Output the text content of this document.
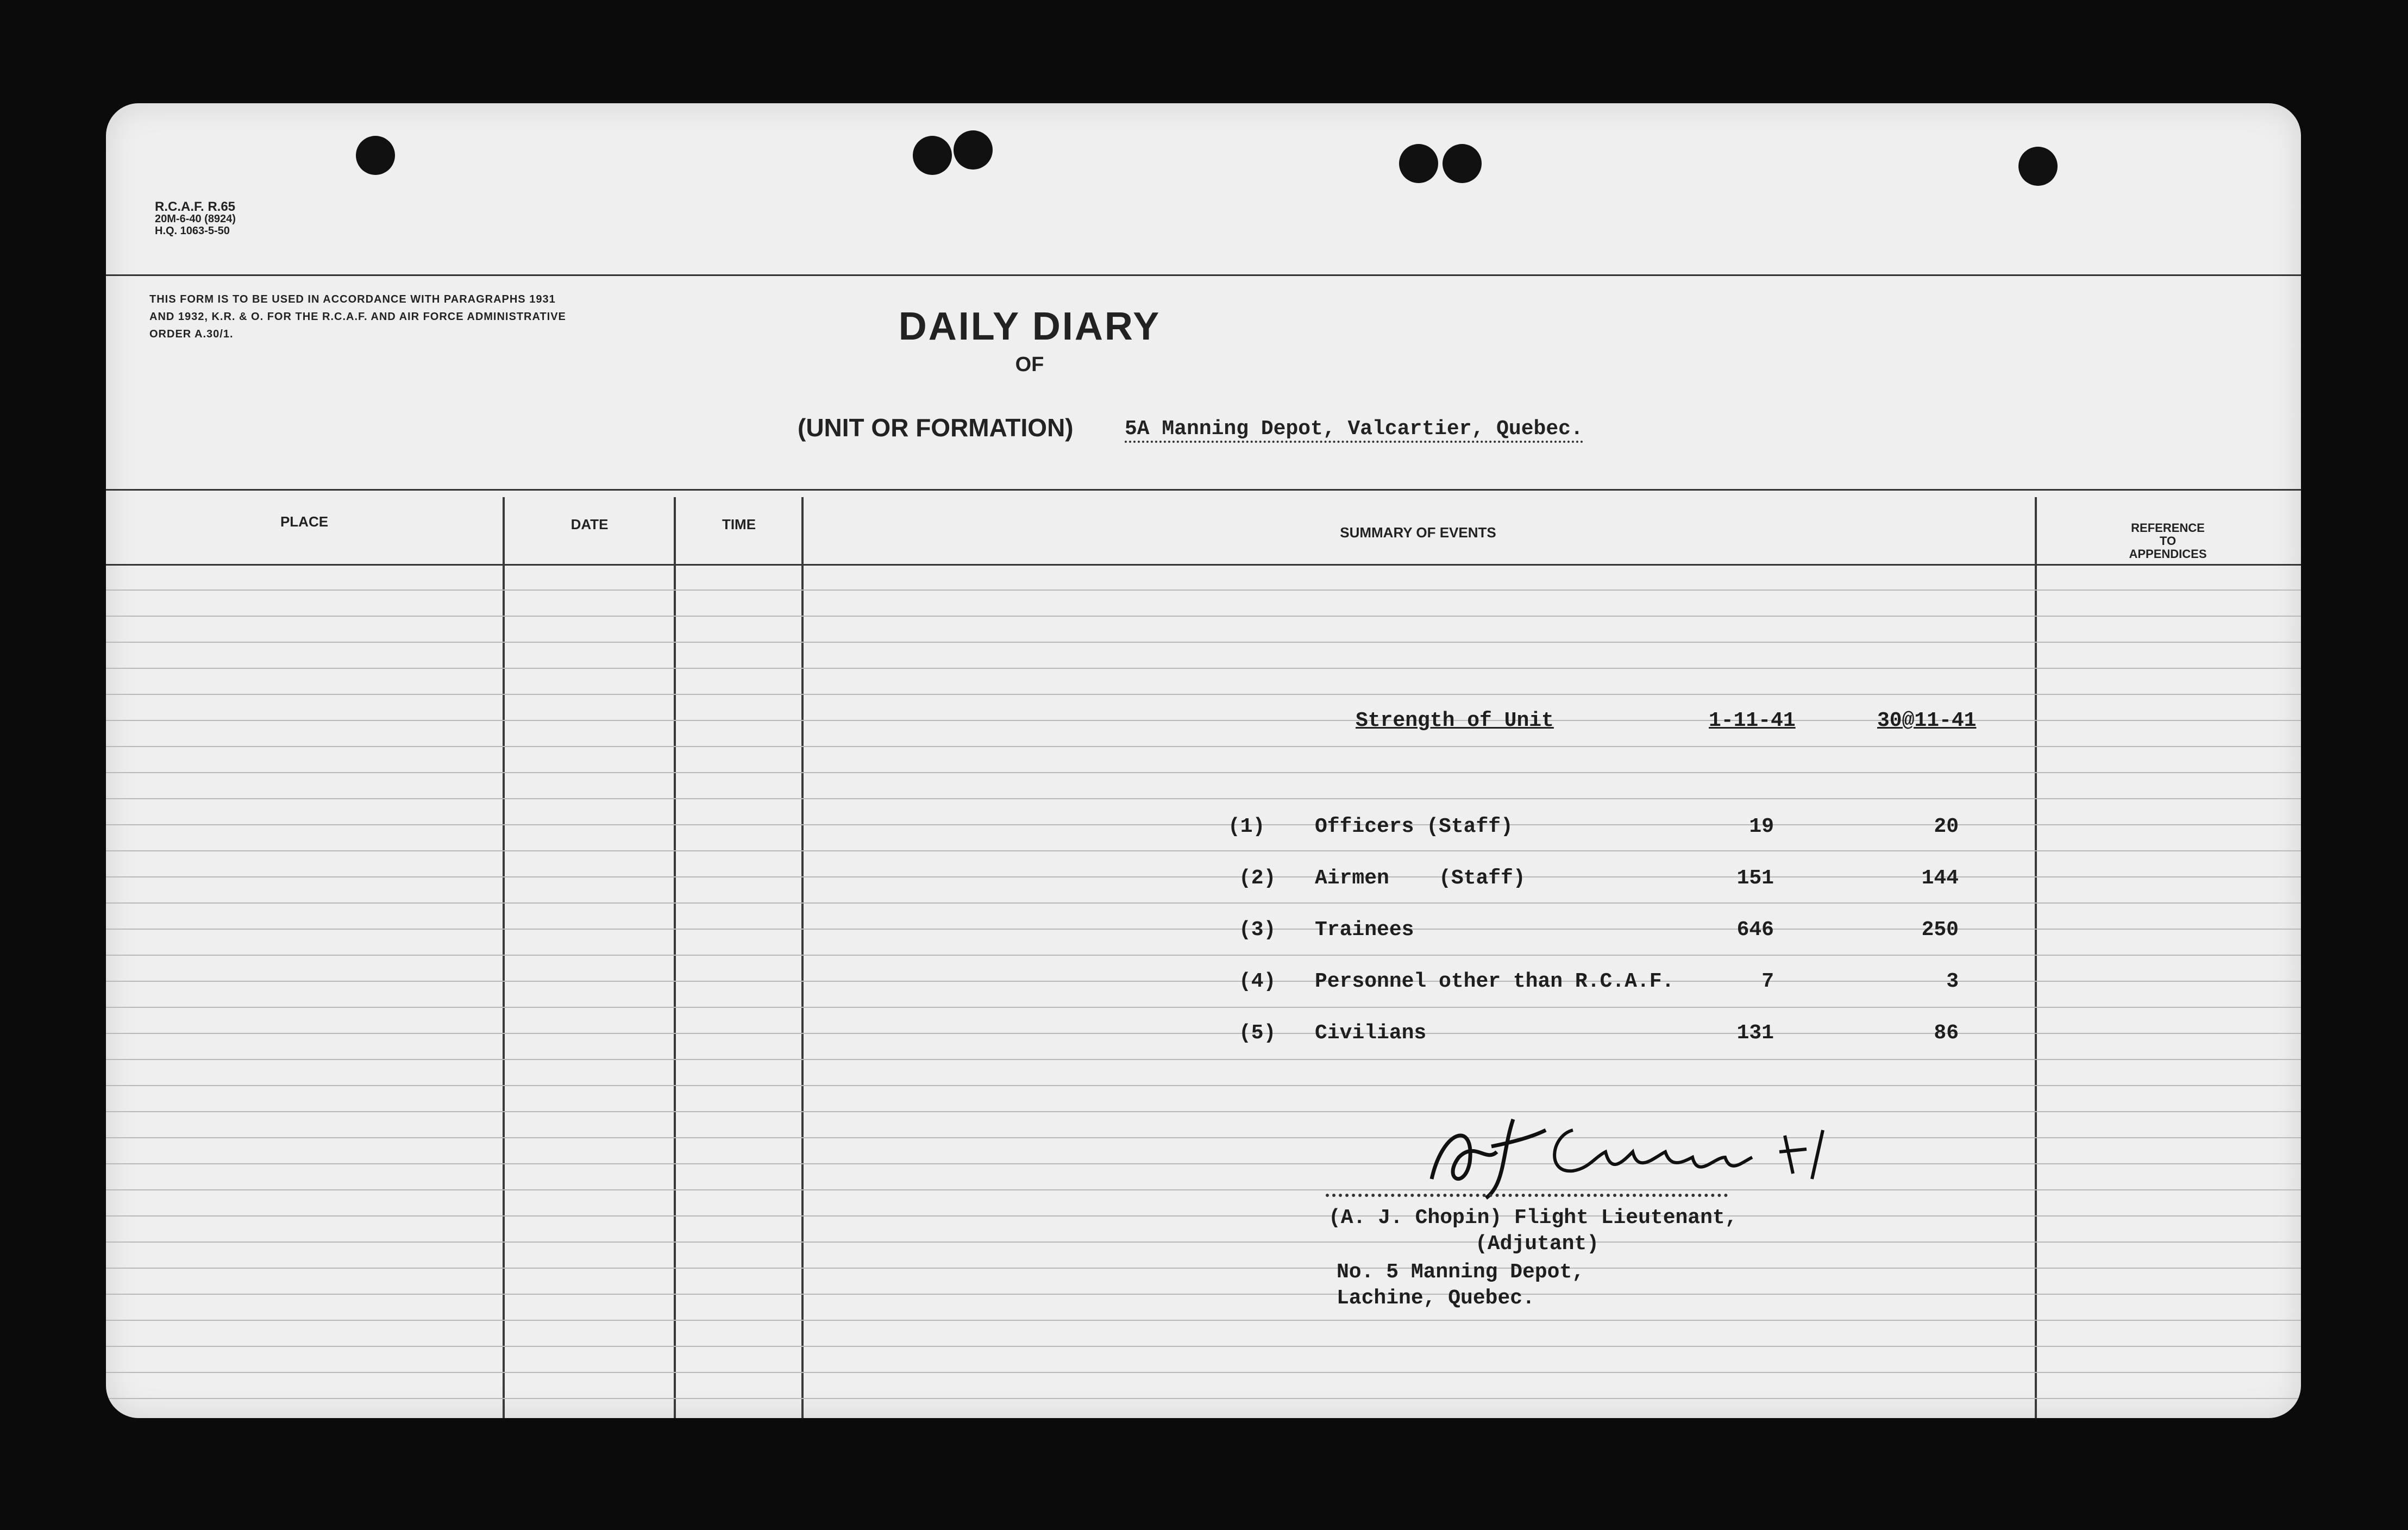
R.C.A.F. R.65
20M-6-40 (8924)
H.Q. 1063-5-50
THIS FORM IS TO BE USED IN ACCORDANCE WITH PARAGRAPHS 1931 AND 1932, K.R. & O. FOR THE R.C.A.F. AND AIR FORCE ADMINISTRATIVE ORDER A.30/1.	DAILY DIARY
OF
(UNIT OR FORMATION) 5A Manning Depot, Valcartier, Quebec.
PLACE	DATE	TIME	SUMMARY OF EVENTS	REFERENCE
TO
APPENDICES
Strength of Unit	1-11-41	30@11-41
(1) Officers (Staff)	19	20
(2) Airmen    (Staff)	151	144
(3) Trainees	646	250
(4) Personnel other than R.C.A.F.	7	3
(5) Civilians	131	86
(A. J. Chopin) Flight Lieutenant,
(Adjutant)
No. 5 Manning Depot,
Lachine, Quebec.
